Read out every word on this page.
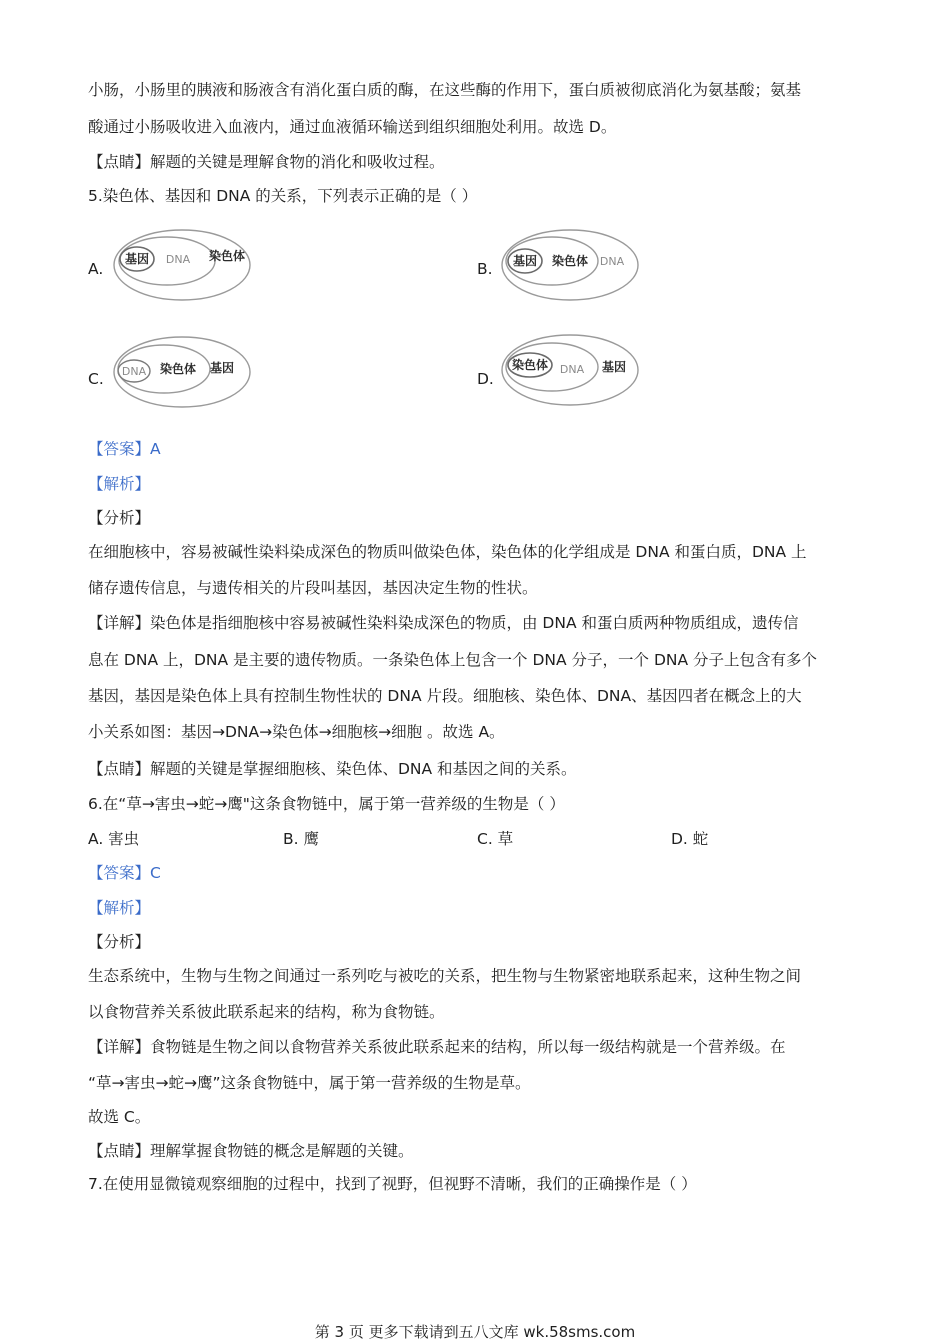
小肠，小肠里的胰液和肠液含有消化蛋白质的酶，在这些酶的作用下，蛋白质被彻底消化为氨基酸；氨基
酸通过小肠吸收进入血液内，通过血液循环输送到组织细胞处利用。故选 D。
【点睛】解题的关键是理解食物的消化和吸收过程。
5.染色体、基因和 DNA 的关系，下列表示正确的是（ ）
A.
基因 DNA 染色体
B. 基因 染色体 DNA
C. DNA 染色体 基因
D.
染色体 DNA 基因
【答案】A
【解析】
【分析】
在细胞核中，容易被碱性染料染成深色的物质叫做染色体，染色体的化学组成是 DNA 和蛋白质，DNA 上
储存遗传信息，与遗传相关的片段叫基因，基因决定生物的性状。
【详解】染色体是指细胞核中容易被碱性染料染成深色的物质，由 DNA 和蛋白质两种物质组成，遗传信
息在 DNA 上，DNA 是主要的遗传物质。一条染色体上包含一个 DNA 分子，一个 DNA 分子上包含有多个
基因，基因是染色体上具有控制生物性状的 DNA 片段。细胞核、染色体、DNA、基因四者在概念上的大
小关系如图：基因→DNA→染色体→细胞核→细胞 。故选 A。
【点睛】解题的关键是掌握细胞核、染色体、DNA 和基因之间的关系。
6.在“草→害虫→蛇→鹰"这条食物链中，属于第一营养级的生物是（ ）
A. 害虫	B. 鹰	C. 草	D. 蛇
【答案】C
【解析】
【分析】
生态系统中，生物与生物之间通过一系列吃与被吃的关系，把生物与生物紧密地联系起来，这种生物之间
以食物营养关系彼此联系起来的结构，称为食物链。
【详解】食物链是生物之间以食物营养关系彼此联系起来的结构，所以每一级结构就是一个营养级。在
“草→害虫→蛇→鹰”这条食物链中，属于第一营养级的生物是草。
故选 C。
【点睛】理解掌握食物链的概念是解题的关键。
7.在使用显微镜观察细胞的过程中，找到了视野，但视野不清晰，我们的正确操作是（ ）
第 3 页 更多下载请到五八文库 wk.58sms.com
